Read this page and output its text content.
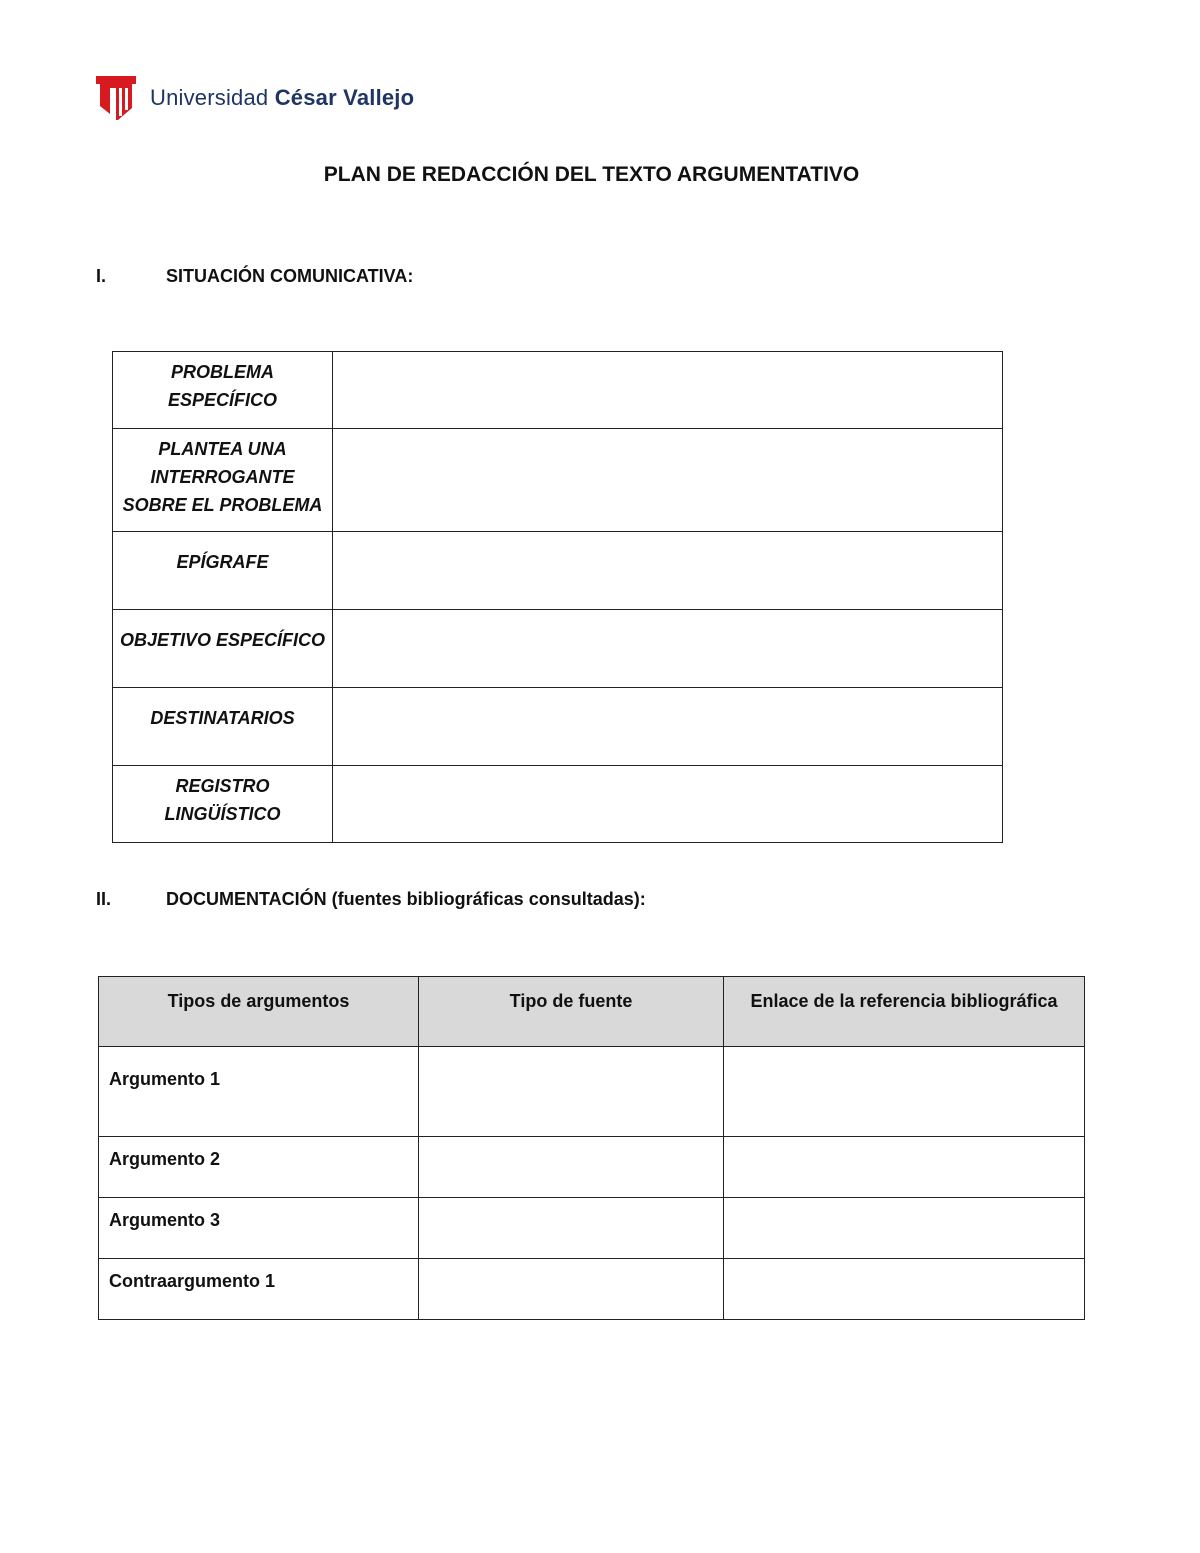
Universidad César Vallejo
PLAN DE REDACCIÓN DEL TEXTO ARGUMENTATIVO
I.	SITUACIÓN COMUNICATIVA:
PROBLEMA ESPECÍFICO	
PLANTEA UNA INTERROGANTE SOBRE EL PROBLEMA	
EPÍGRAFE	
OBJETIVO ESPECÍFICO	
DESTINATARIOS	
REGISTRO LINGÜÍSTICO	
II.	DOCUMENTACIÓN (fuentes bibliográficas consultadas):
Tipos de argumentos	Tipo de fuente	Enlace de la referencia bibliográfica
Argumento 1		
Argumento 2		
Argumento 3		
Contraargumento 1		
